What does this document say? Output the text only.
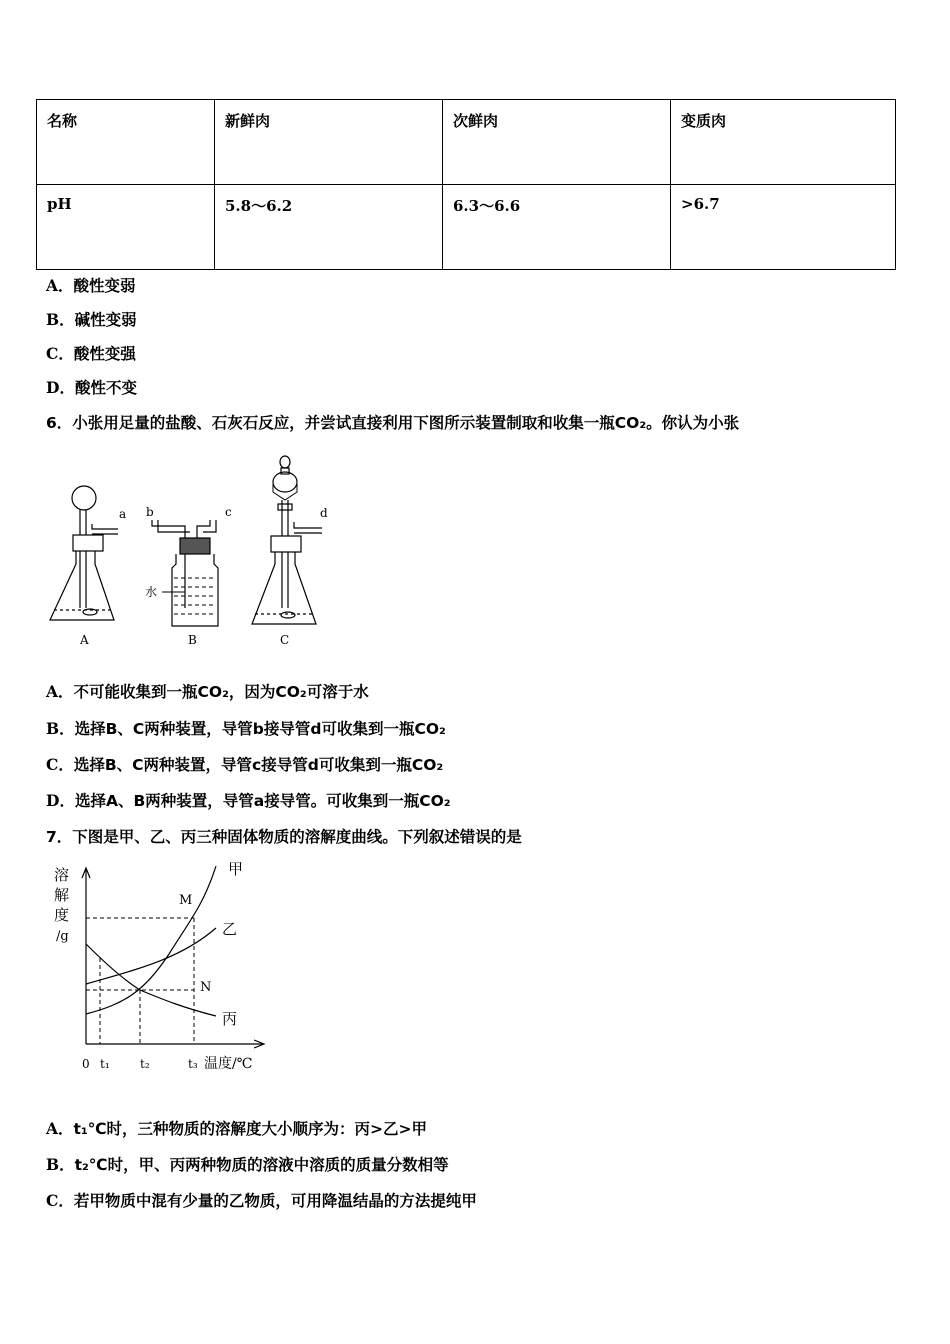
名称	新鲜肉	次鲜肉	变质肉
pH	5.8～6.2	6.3～6.6	>6.7
A．酸性变弱
B．碱性变弱
C．酸性变强
D．酸性不变
6．小张用足量的盐酸、石灰石反应，并尝试直接利用下图所示装置制取和收集一瓶CO₂。你认为小张
a
A
b	c
水
B
d
C
A．不可能收集到一瓶CO₂，因为CO₂可溶于水
B．选择B、C两种装置，导管b接导管d可收集到一瓶CO₂
C．选择B、C两种装置，导管c接导管d可收集到一瓶CO₂
D．选择A、B两种装置，导管a接导管。可收集到一瓶CO₂
7．下图是甲、乙、丙三种固体物质的溶解度曲线。下列叙述错误的是
溶
解
度
/g
甲
乙
丙
M
N
0 t₁	t₂	t₃ 温度/℃
A．t₁℃时，三种物质的溶解度大小顺序为：丙>乙>甲
B．t₂℃时，甲、丙两种物质的溶液中溶质的质量分数相等
C．若甲物质中混有少量的乙物质，可用降温结晶的方法提纯甲
